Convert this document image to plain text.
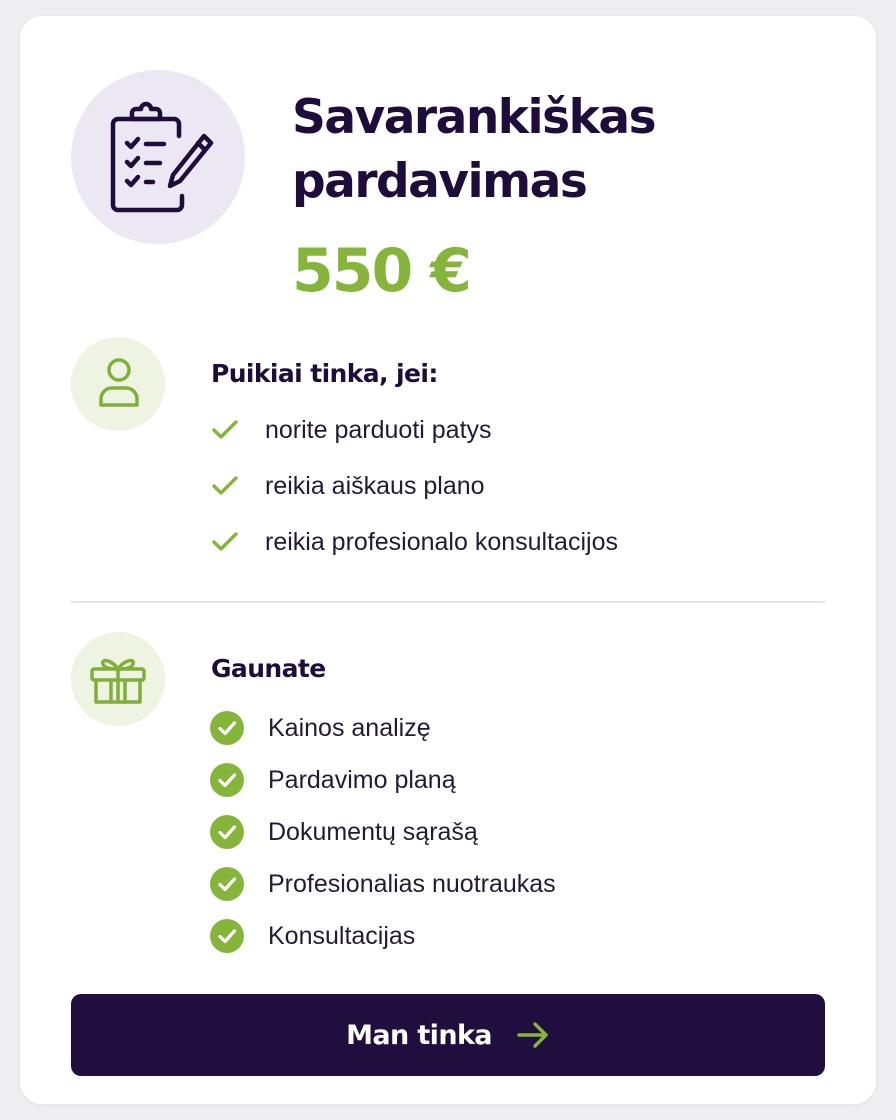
Savarankiškas
pardavimas
550 €
Puikiai tinka, jei:
norite parduoti patys
reikia aiškaus plano
reikia profesionalo konsultacijos
Gaunate
Kainos analizę
Pardavimo planą
Dokumentų sąrašą
Profesionalias nuotraukas
Konsultacijas
Man tinka
